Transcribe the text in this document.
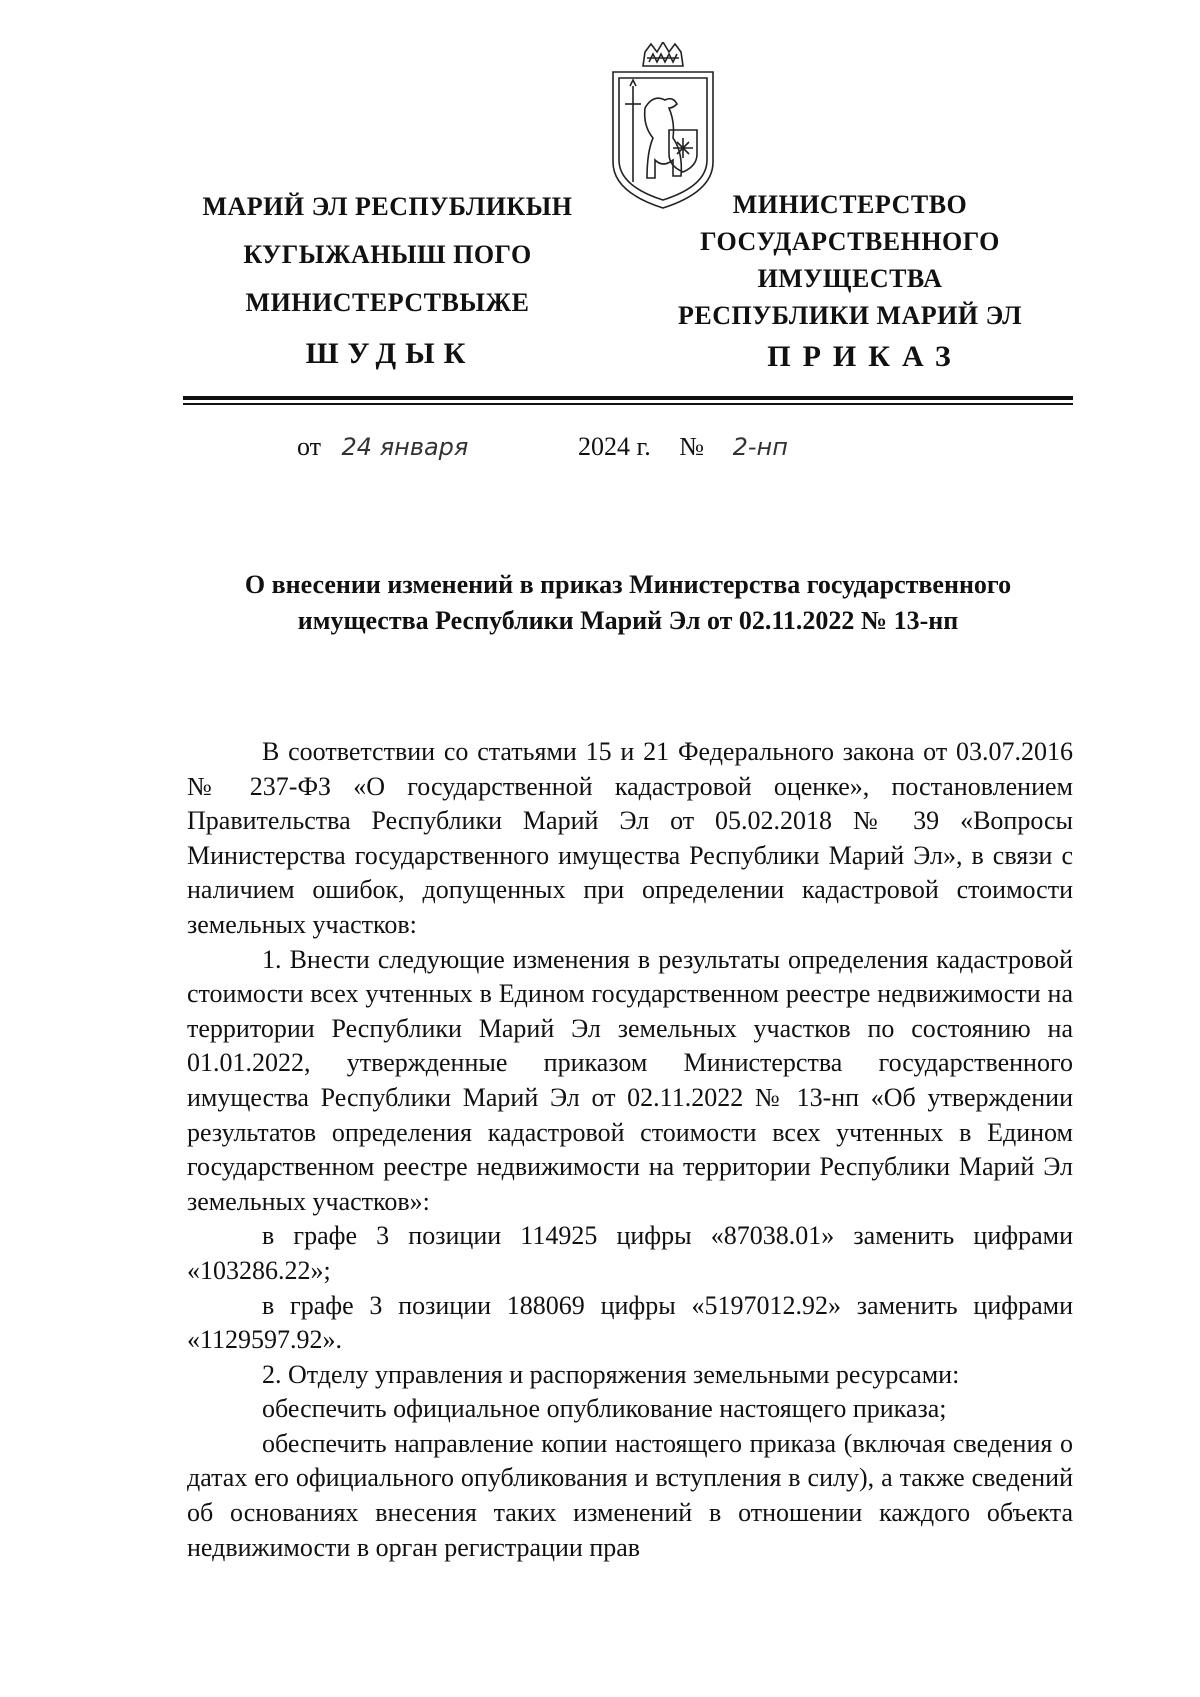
МАРИЙ ЭЛ РЕСПУБЛИКЫН
КУГЫЖАНЫШ ПОГО
МИНИСТЕРСТВЫЖЕ
МИНИСТЕРСТВО
ГОСУДАРСТВЕННОГО
ИМУЩЕСТВА
РЕСПУБЛИКИ МАРИЙ ЭЛ
ШУДЫК	ПРИКАЗ
от 24 января	2024 г. № 2-нп
О внесении изменений в приказ Министерства государственного
имущества Республики Марий Эл от 02.11.2022 № 13-нп

В соответствии со статьями 15 и 21 Федерального закона от 03.07.2016 № 237-ФЗ «О государственной кадастровой оценке», постановлением Правительства Республики Марий Эл от 05.02.2018 № 39 «Вопросы Министерства государственного имущества Республики Марий Эл», в связи с наличием ошибок, допущенных при определении кадастровой стоимости земельных участков:

1. Внести следующие изменения в результаты определения кадастровой стоимости всех учтенных в Едином государственном реестре недвижимости на территории Республики Марий Эл земельных участков по состоянию на 01.01.2022, утвержденные приказом Министерства государственного имущества Республики Марий Эл от 02.11.2022 № 13-нп «Об утверждении результатов определения кадастровой стоимости всех учтенных в Едином государственном реестре недвижимости на территории Республики Марий Эл земельных участков»:

в графе 3 позиции 114925 цифры «87038.01» заменить цифрами «103286.22»;

в графе 3 позиции 188069 цифры «5197012.92» заменить цифрами «1129597.92».

2. Отделу управления и распоряжения земельными ресурсами:

обеспечить официальное опубликование настоящего приказа;

обеспечить направление копии настоящего приказа (включая сведения о датах его официального опубликования и вступления в силу), а также сведений об основаниях внесения таких изменений в отношении каждого объекта недвижимости в орган регистрации прав
